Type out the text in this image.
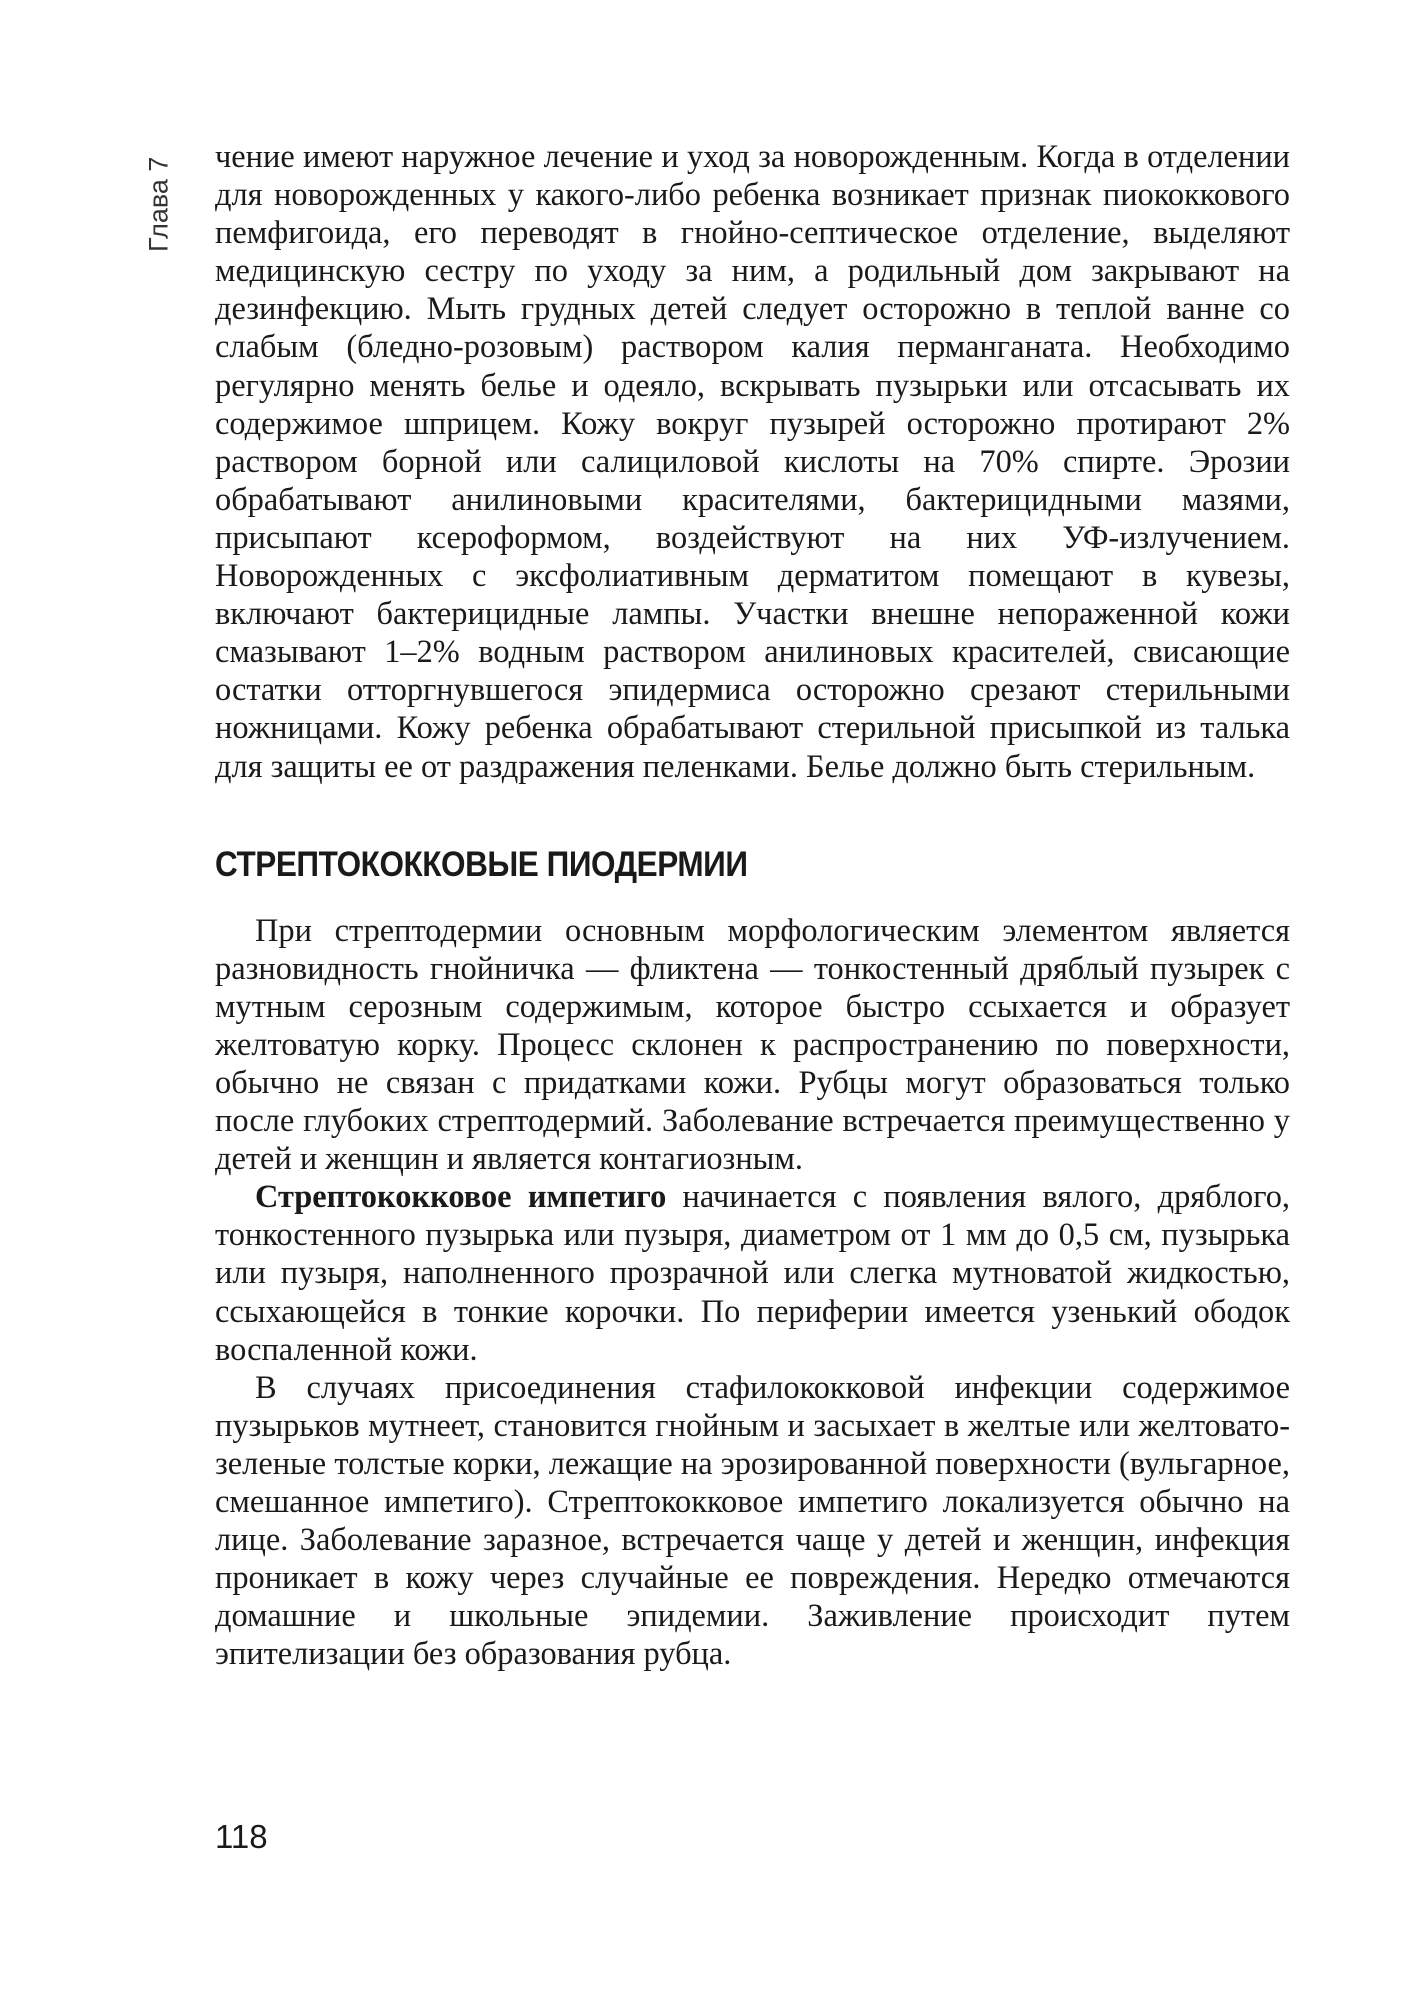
Глава 7 чение имеют наружное лечение и уход за новорожденным. Когда в отделении для новорожденных у какого-либо ребенка возникает признак пиококкового пемфигоида, его переводят в гнойно-септическое отделение, выделяют медицинскую сестру по уходу за ним, а родильный дом закрывают на дезинфекцию. Мыть грудных детей следует осторожно в теплой ванне со слабым (бледно-розовым) раствором калия перманганата. Необходимо регулярно менять белье и одеяло, вскрывать пузырьки или отсасывать их содержимое шприцем. Кожу вокруг пузырей осторожно протирают 2% раствором борной или салициловой кислоты на 70% спирте. Эрозии обрабатывают анилиновыми красителями, бактерицидными мазями, присыпают ксероформом, воздействуют на них УФ-излучением. Новорожденных с эксфолиативным дерматитом помещают в кувезы, включают бактерицидные лампы. Участки внешне непораженной кожи смазывают 1–2% водным раствором анилиновых красителей, свисающие остатки отторгнувшегося эпидермиса осторожно срезают стерильными ножницами. Кожу ребенка обрабатывают стерильной присыпкой из талька для защиты ее от раздражения пеленками. Белье должно быть стерильным.

СТРЕПТОКОККОВЫЕ ПИОДЕРМИИ

При стрептодермии основным морфологическим элементом является разновидность гнойничка — фликтена — тонкостенный дряблый пузырек с мутным серозным содержимым, которое быстро ссыхается и образует желтоватую корку. Процесс склонен к распространению по поверхности, обычно не связан с придатками кожи. Рубцы могут образоваться только после глубоких стрептодермий. Заболевание встречается преимущественно у детей и женщин и является контагиозным.

Стрептококковое импетиго начинается с появления вялого, дряблого, тонкостенного пузырька или пузыря, диаметром от 1 мм до 0,5 см, пузырька или пузыря, наполненного прозрачной или слегка мутноватой жидкостью, ссыхающейся в тонкие корочки. По периферии имеется узенький ободок воспаленной кожи.

В случаях присоединения стафилококковой инфекции содержимое пузырьков мутнеет, становится гнойным и засыхает в желтые или желтовато-зеленые толстые корки, лежащие на эрозированной поверхности (вульгарное, смешанное импетиго). Стрептококковое импетиго локализуется обычно на лице. Заболевание заразное, встречается чаще у детей и женщин, инфекция проникает в кожу через случайные ее повреждения. Нередко отмечаются домашние и школьные эпидемии. Заживление происходит путем эпителизации без образования рубца.

118
